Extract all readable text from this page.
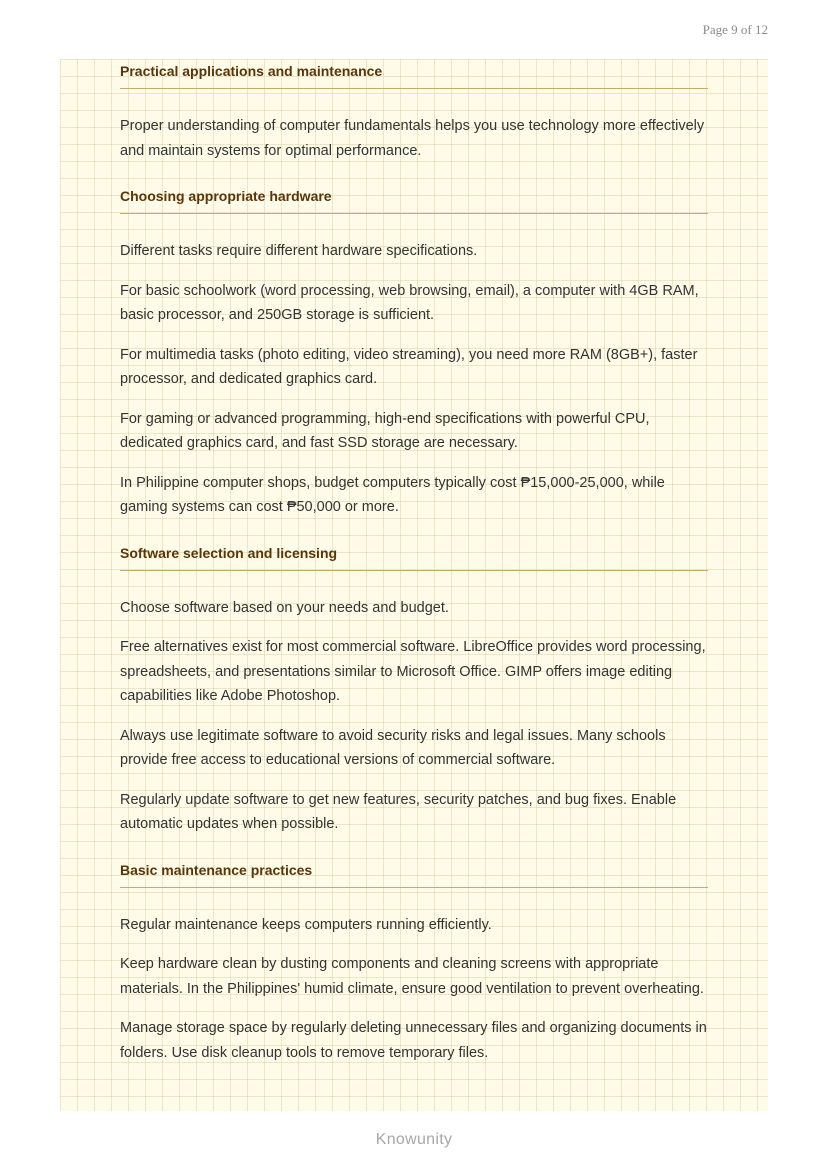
Page 9 of 12
Practical applications and maintenance

Proper understanding of computer fundamentals helps you use technology more effectively and maintain systems for optimal performance.

Choosing appropriate hardware

Different tasks require different hardware specifications.

For basic schoolwork (word processing, web browsing, email), a computer with 4GB RAM, basic processor, and 250GB storage is sufficient.

For multimedia tasks (photo editing, video streaming), you need more RAM (8GB+), faster processor, and dedicated graphics card.

For gaming or advanced programming, high-end specifications with powerful CPU, dedicated graphics card, and fast SSD storage are necessary.

In Philippine computer shops, budget computers typically cost ₱15,000-25,000, while gaming systems can cost ₱50,000 or more.

Software selection and licensing

Choose software based on your needs and budget.

Free alternatives exist for most commercial software. LibreOffice provides word processing, spreadsheets, and presentations similar to Microsoft Office. GIMP offers image editing capabilities like Adobe Photoshop.

Always use legitimate software to avoid security risks and legal issues. Many schools provide free access to educational versions of commercial software.

Regularly update software to get new features, security patches, and bug fixes. Enable automatic updates when possible.

Basic maintenance practices

Regular maintenance keeps computers running efficiently.

Keep hardware clean by dusting components and cleaning screens with appropriate materials. In the Philippines' humid climate, ensure good ventilation to prevent overheating.

Manage storage space by regularly deleting unnecessary files and organizing documents in folders. Use disk cleanup tools to remove temporary files.

Knowunity
